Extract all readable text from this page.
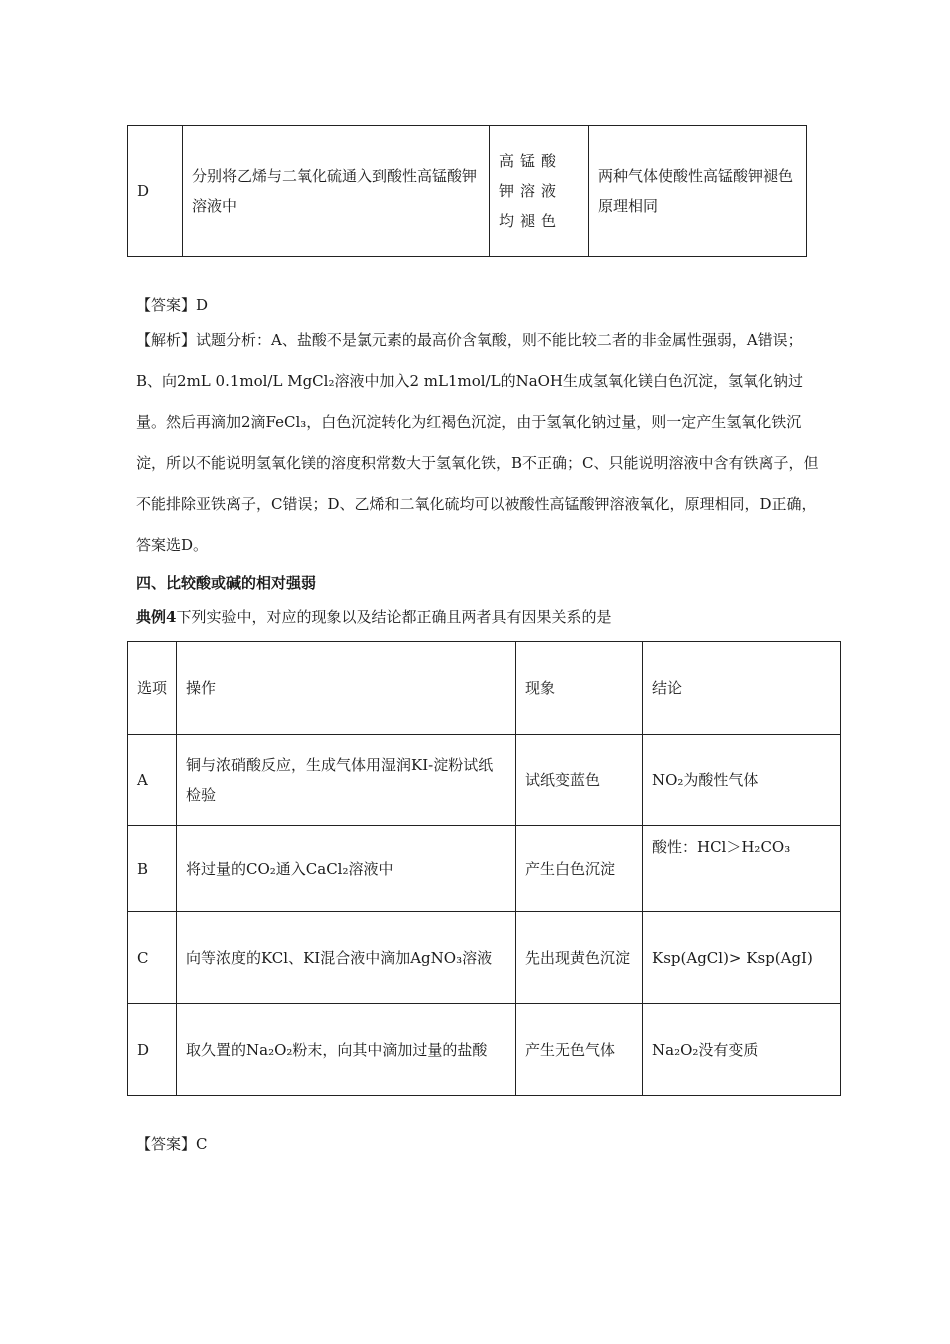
D	分别将乙烯与二氧化硫通入到酸性高锰酸钾溶液中	高锰酸钾溶液均褪色	两种气体使酸性高锰酸钾褪色原理相同
【答案】D
【解析】试题分析：A、盐酸不是氯元素的最高价含氧酸，则不能比较二者的非金属性强弱，A错误；B、向2mL 0.1mol/L MgCl₂溶液中加入2 mL1mol/L的NaOH生成氢氧化镁白色沉淀，氢氧化钠过量。然后再滴加2滴FeCl₃，白色沉淀转化为红褐色沉淀，由于氢氧化钠过量，则一定产生氢氧化铁沉淀，所以不能说明氢氧化镁的溶度积常数大于氢氧化铁，B不正确；C、只能说明溶液中含有铁离子，但不能排除亚铁离子，C错误；D、乙烯和二氧化硫均可以被酸性高锰酸钾溶液氧化，原理相同，D正确，答案选D。
四、比较酸或碱的相对强弱
典例4下列实验中，对应的现象以及结论都正确且两者具有因果关系的是
选项	操作	现象	结论
A	铜与浓硝酸反应，生成气体用湿润KI-淀粉试纸检验	试纸变蓝色	NO₂为酸性气体
B	将过量的CO₂通入CaCl₂溶液中	产生白色沉淀	酸性：HCl＞H₂CO₃
C	向等浓度的KCl、KI混合液中滴加AgNO₃溶液	先出现黄色沉淀	Ksp(AgCl)> Ksp(AgI)
D	取久置的Na₂O₂粉末，向其中滴加过量的盐酸	产生无色气体	Na₂O₂没有变质
【答案】C
